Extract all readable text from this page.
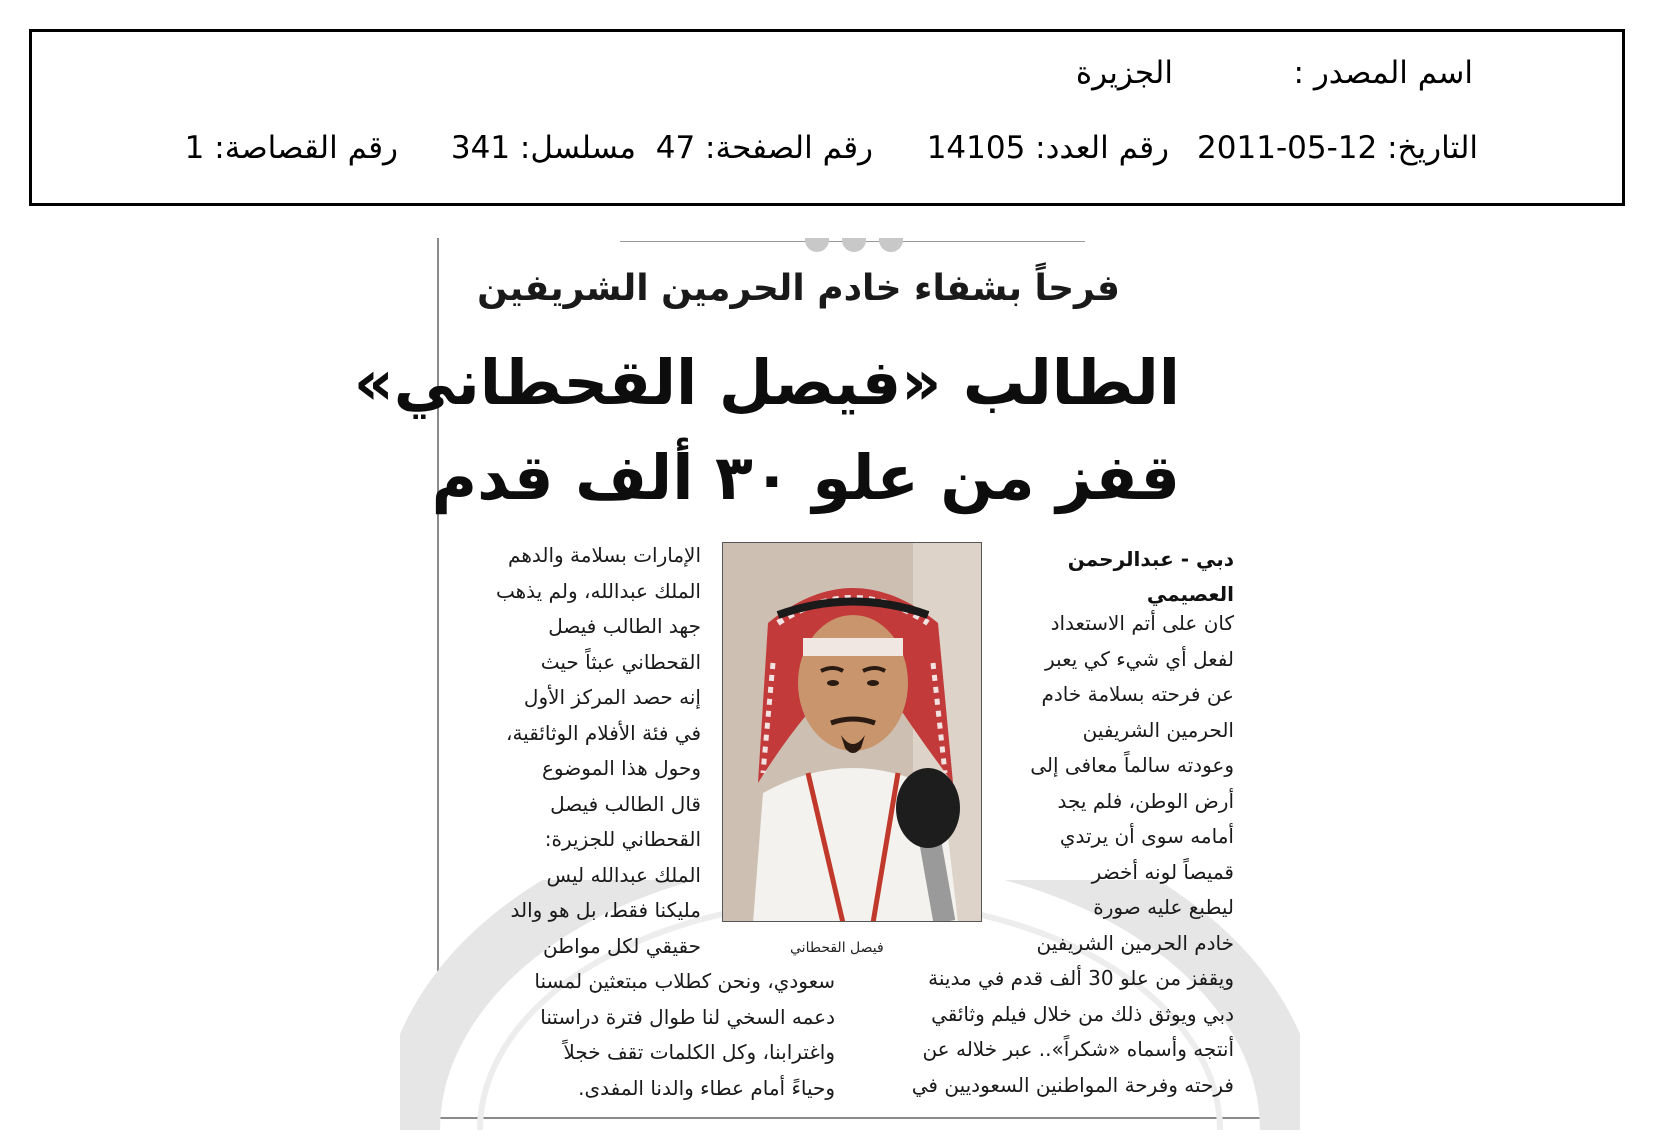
اسم المصدر :
الجزيرة
التاريخ: 12-05-2011
رقم العدد: 14105
رقم الصفحة: 47
مسلسل: 341
رقم القصاصة: 1
فرحاً بشفاء خادم الحرمين الشريفين
الطالب «فيصل القحطاني»
قفز من علو ٣٠ ألف قدم
دبي - عبدالرحمن
العصيمي
كان على أتم الاستعداد
لفعل أي شيء كي يعبر
عن فرحته بسلامة خادم
الحرمين الشريفين
وعودته سالماً معافى إلى
أرض الوطن، فلم يجد
أمامه سوى أن يرتدي
قميصاً لونه أخضر
ليطبع عليه صورة
خادم الحرمين الشريفين
ويقفز من علو 30 ألف قدم في مدينة
دبي ويوثق ذلك من خلال فيلم وثائقي
أنتجه وأسماه «شكراً».. عبر خلاله عن
فرحته وفرحة المواطنين السعوديين في
الإمارات بسلامة والدهم
الملك عبدالله، ولم يذهب
جهد الطالب فيصل
القحطاني عبثاً حيث
إنه حصد المركز الأول
في فئة الأفلام الوثائقية،
وحول هذا الموضوع
قال الطالب فيصل
القحطاني للجزيرة:
الملك عبدالله ليس
مليكنا فقط، بل هو والد
حقيقي لكل مواطن
سعودي، ونحن كطلاب مبتعثين لمسنا
دعمه السخي لنا طوال فترة دراستنا
واغترابنا، وكل الكلمات تقف خجلاً
وحياءً أمام عطاء والدنا المفدى.
فيصل القحطاني
